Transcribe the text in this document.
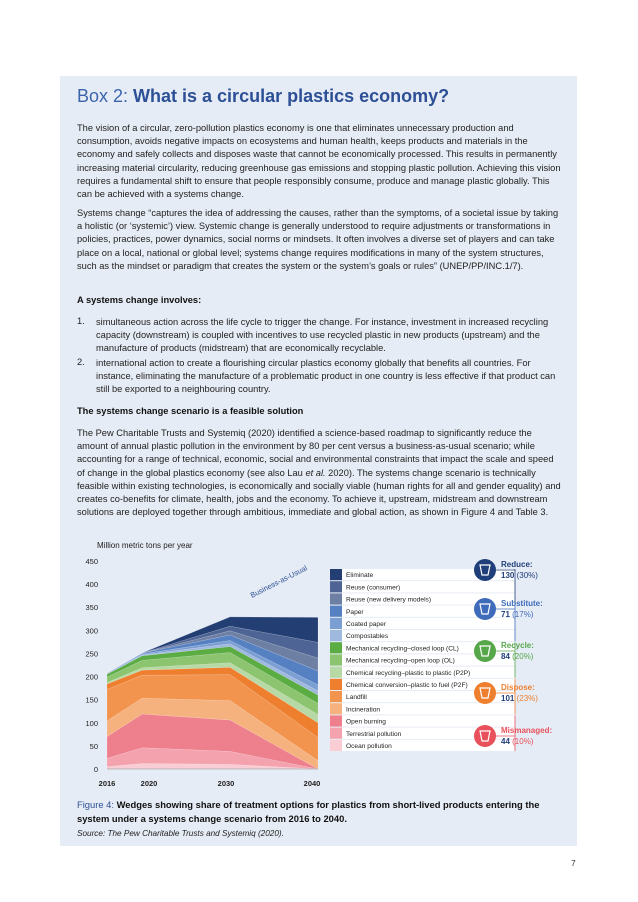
Box 2: What is a circular plastics economy?
The vision of a circular, zero-pollution plastics economy is one that eliminates unnecessary production and consumption, avoids negative impacts on ecosystems and human health, keeps products and materials in the economy and safely collects and disposes waste that cannot be economically processed. This results in permanently increasing material circularity, reducing greenhouse gas emissions and stopping plastic pollution. Achieving this vision requires a fundamental shift to ensure that people responsibly consume, produce and manage plastic globally. This can be achieved with a systems change.
Systems change “captures the idea of addressing the causes, rather than the symptoms, of a societal issue by taking a holistic (or ‘systemic’) view. Systemic change is generally understood to require adjustments or transformations in policies, practices, power dynamics, social norms or mindsets. It often involves a diverse set of players and can take place on a local, national or global level; systems change requires modifications in many of the system structures, such as the mindset or paradigm that creates the system or the system’s goals or rules” (UNEP/PP/INC.1/7).
A systems change involves:
1. simultaneous action across the life cycle to trigger the change. For instance, investment in increased recycling capacity (downstream) is coupled with incentives to use recycled plastic in new products (upstream) and the manufacture of products (midstream) that are economically recyclable.
2. international action to create a flourishing circular plastics economy globally that benefits all countries. For instance, eliminating the manufacture of a problematic product in one country is less effective if that product can still be exported to a neighbouring country.
The systems change scenario is a feasible solution
The Pew Charitable Trusts and Systemiq (2020) identified a science-based roadmap to significantly reduce the amount of annual plastic pollution in the environment by 80 per cent versus a business-as-usual scenario; while accounting for a range of technical, economic, social and environmental constraints that impact the scale and speed of change in the global plastics economy (see also Lau et al. 2020). The systems change scenario is technically feasible within existing technologies, is economically and socially viable (human rights for all and gender equality) and creates co-benefits for climate, health, jobs and the economy. To achieve it, upstream, midstream and downstream solutions are deployed together through ambitious, immediate and global action, as shown in Figure 4 and Table 3.
Million metric tons per year
0
50
100
150
200
250
300
350
400
450
2016	2020	2030	2040
Business-as-Usual	Eliminate
Reuse (consumer)
Reuse (new delivery models)
Paper
Coated paper
Compostables
Mechanical recycling–closed loop (CL)
Mechanical recycling–open loop (OL)
Chemical recycling–plastic to plastic (P2P)
Chemical conversion–plastic to fuel (P2F)
Landfill
Incineration
Open burning
Terrestrial pollution
Ocean pollution
Reduce:
130 (30%)
Substitute:
71 (17%)
Recycle:
84 (20%)
Dispose:
101 (23%)
Mismanaged:
44 (10%)
Figure 4: Wedges showing share of treatment options for plastics from short-lived products entering the system under a systems change scenario from 2016 to 2040.
Source: The Pew Charitable Trusts and Systemiq (2020).
7
